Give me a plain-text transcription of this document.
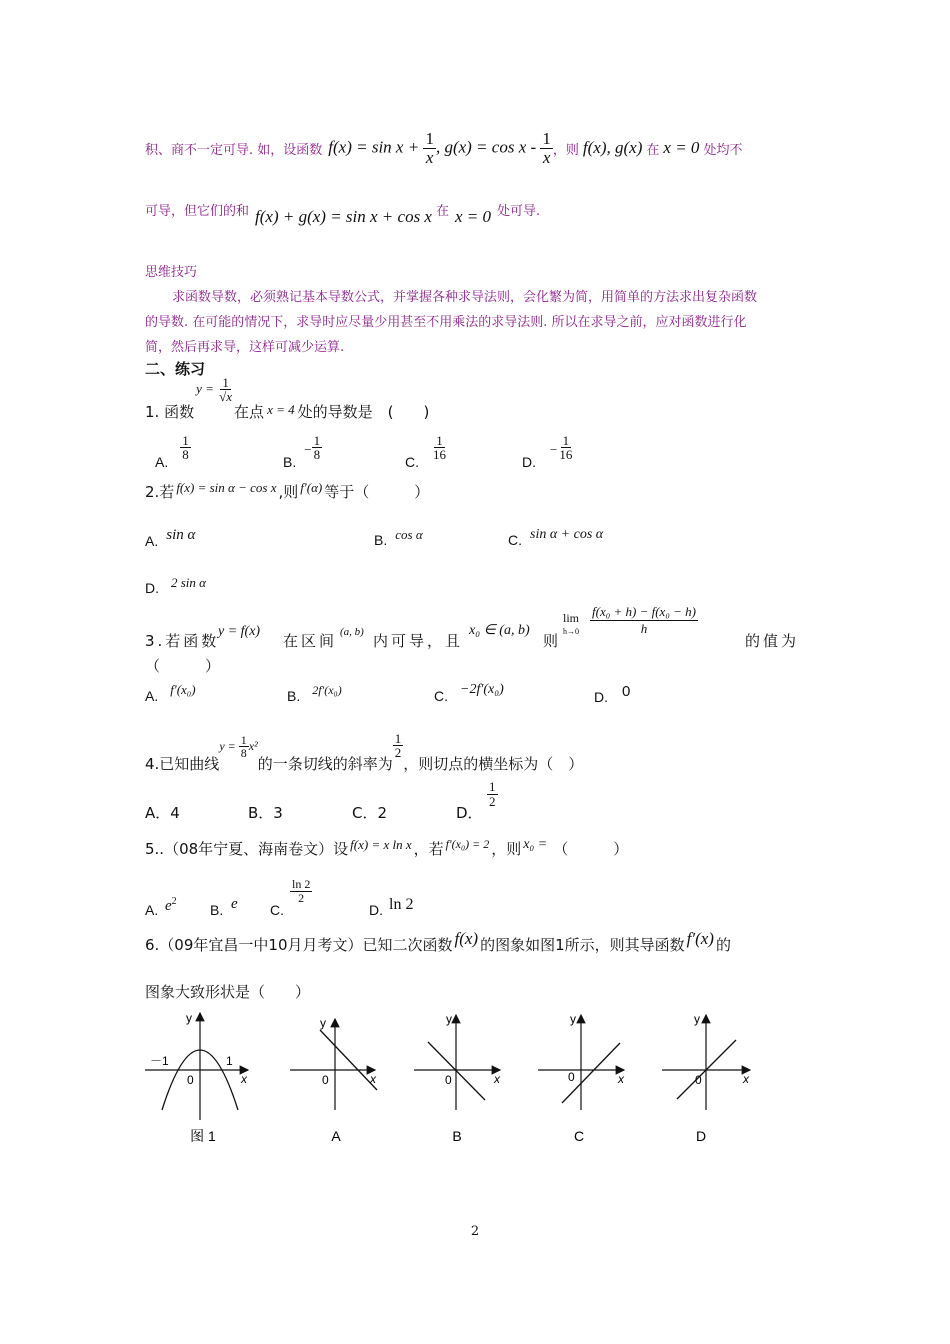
积、商不一定可导. 如，设函数 $f(x) = \sin x + \frac{1}{x}$ , $g(x) = \cos x - \frac{1}{x}$ ，则 f(x), g(x) 在 x = 0 处均不
可导，但它们的和 f(x) + g(x) = sin x + cos x 在 x = 0 处可导.
思维技巧
求函数导数，必须熟记基本导数公式，并掌握各种求导法则，会化繁为简，用简单的方法求出复杂函数
的导数. 在可能的情况下，求导时应尽量少用甚至不用乘法的求导法则. 所以在求导之前，应对函数进行化
简，然后再求导，这样可减少运算.
二、练习
1. 函数
$y = \frac{1}{√x}$
在点 x = 4 处的导数是　(　　)
A. $\frac{1}{8}$	B.
− $\frac{1}{8}$	C. $\frac{1}{16}$	D.
− $\frac{1}{16}$
2.若 f(x) = sin α − cos x ,则 f′(α) 等于（　　　）
A. sin α	B. cos α	C. sin α + cos α
D. 2 sin α
3.若函数
y = f(x)
在区间 (a, b) 内可导，且
x₀ ∈ (a, b)
则
lim
h→0
f(x₀ + h) − f(x₀ − h)
h
的值为
（　　　）
A. f′(x₀)	B. 2f′(x₀)	C. −2f′(x₀)	D. 0
4.已知曲线
$y = \frac{1}{8} x^2$
的一条切线的斜率为
$\frac{1}{2}$
，则切点的横坐标为（　）
A．4	B．3	C．2	D．
$\frac{1}{2}$
5..（08年宁夏、海南卷文）设 f(x) = x ln x ，若 f′(x₀) = 2 ，则 x₀ = （　　　）
A. $e^2$
B. e C.
$\frac{\ln 2}{2}$
D. ln 2
6.（09年宜昌一中10月月考文）已知二次函数 f(x) 的图象如图1所示，则其导函数 f′(x) 的
图象大致形状是（　　）
y
x
－1	1
0
y
x
0
y
x
0
y
x
0
y
x
0
图 1	A	B	C	D
2
